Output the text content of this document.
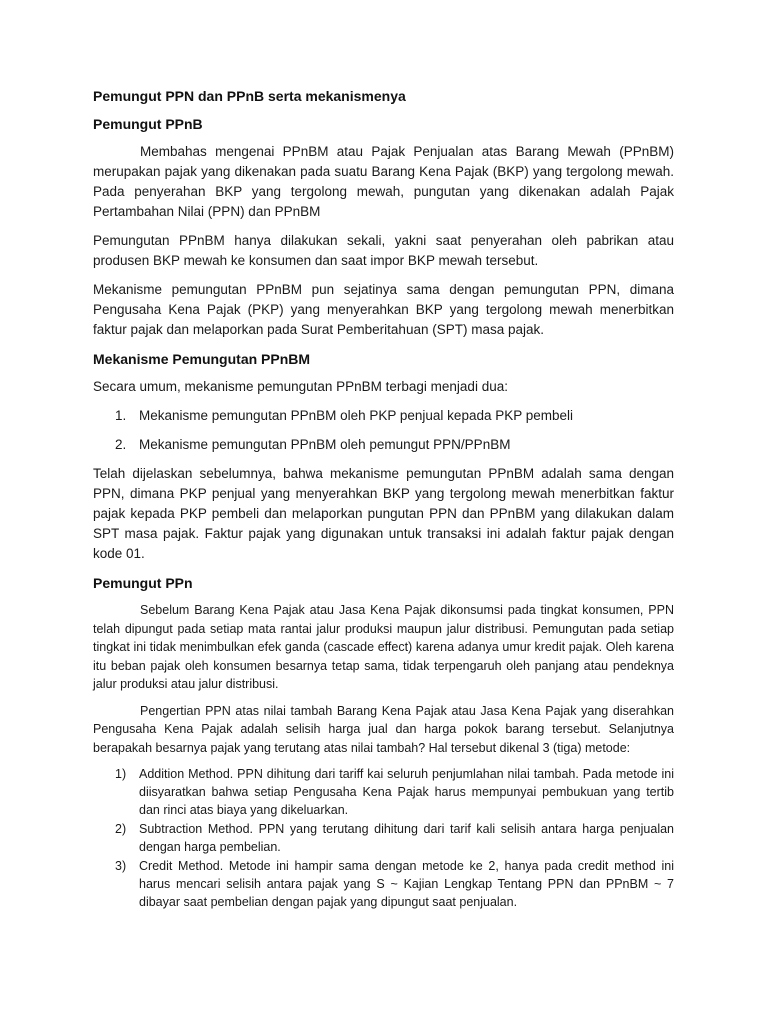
Pemungut PPN dan PPnB serta mekanismenya
Pemungut PPnB

Membahas mengenai PPnBM atau Pajak Penjualan atas Barang Mewah (PPnBM) merupakan pajak yang dikenakan pada suatu Barang Kena Pajak (BKP) yang tergolong mewah. Pada penyerahan BKP yang tergolong mewah, pungutan yang dikenakan adalah Pajak Pertambahan Nilai (PPN) dan PPnBM

Pemungutan PPnBM hanya dilakukan sekali, yakni saat penyerahan oleh pabrikan atau produsen BKP mewah ke konsumen dan saat impor BKP mewah tersebut.

Mekanisme pemungutan PPnBM pun sejatinya sama dengan pemungutan PPN, dimana Pengusaha Kena Pajak (PKP) yang menyerahkan BKP yang tergolong mewah menerbitkan faktur pajak dan melaporkan pada Surat Pemberitahuan (SPT) masa pajak.

Mekanisme Pemungutan PPnBM

Secara umum, mekanisme pemungutan PPnBM terbagi menjadi dua:

1. Mekanisme pemungutan PPnBM oleh PKP penjual kepada PKP pembeli
2. Mekanisme pemungutan PPnBM oleh pemungut PPN/PPnBM

Telah dijelaskan sebelumnya, bahwa mekanisme pemungutan PPnBM adalah sama dengan PPN, dimana PKP penjual yang menyerahkan BKP yang tergolong mewah menerbitkan faktur pajak kepada PKP pembeli dan melaporkan pungutan PPN dan PPnBM yang dilakukan dalam SPT masa pajak. Faktur pajak yang digunakan untuk transaksi ini adalah faktur pajak dengan kode 01.

Pemungut PPn

Sebelum Barang Kena Pajak atau Jasa Kena Pajak dikonsumsi pada tingkat konsumen, PPN telah dipungut pada setiap mata rantai jalur produksi maupun jalur distribusi. Pemungutan pada setiap tingkat ini tidak menimbulkan efek ganda (cascade effect) karena adanya umur kredit pajak. Oleh karena itu beban pajak oleh konsumen besarnya tetap sama, tidak terpengaruh oleh panjang atau pendeknya jalur produksi atau jalur distribusi.

Pengertian PPN atas nilai tambah Barang Kena Pajak atau Jasa Kena Pajak yang diserahkan Pengusaha Kena Pajak adalah selisih harga jual dan harga pokok barang tersebut. Selanjutnya berapakah besarnya pajak yang terutang atas nilai tambah? Hal tersebut dikenal 3 (tiga) metode:

1) Addition Method. PPN dihitung dari tariff kai seluruh penjumlahan nilai tambah. Pada metode ini diisyaratkan bahwa setiap Pengusaha Kena Pajak harus mempunyai pembukuan yang tertib dan rinci atas biaya yang dikeluarkan.
2) Subtraction Method. PPN yang terutang dihitung dari tarif kali selisih antara harga penjualan dengan harga pembelian.
3) Credit Method. Metode ini hampir sama dengan metode ke 2, hanya pada credit method ini harus mencari selisih antara pajak yang S ~ Kajian Lengkap Tentang PPN dan PPnBM ~ 7 dibayar saat pembelian dengan pajak yang dipungut saat penjualan.
